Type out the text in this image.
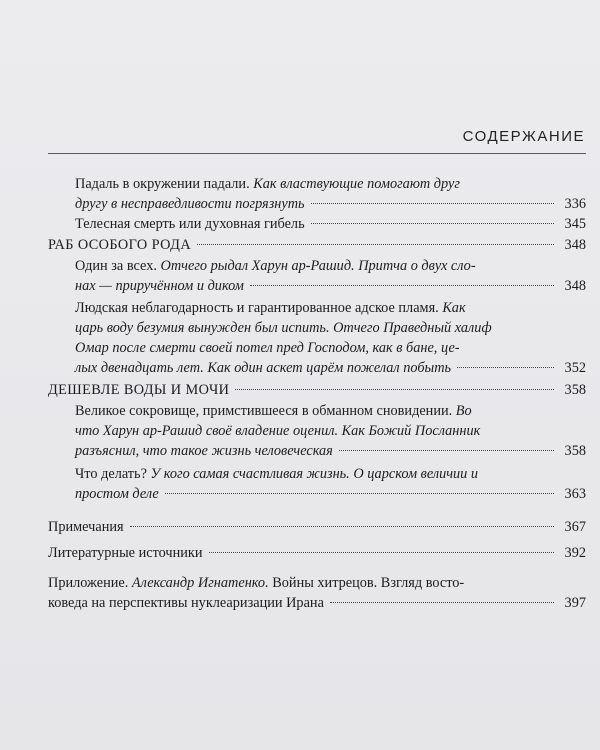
СОДЕРЖАНИЕ
Падаль в окружении падали. Как властвующие помогают друг
другу в несправедливости погрязнуть	336
Телесная смерть или духовная гибель	345
РАБ ОСОБОГО РОДА	348
Один за всех. Отчего рыдал Харун ар-Рашид. Притча о двух сло-
нах — приручённом и диком	348
Людская неблагодарность и гарантированное адское пламя. Как
царь воду безумия вынужден был испить. Отчего Праведный халиф
Омар после смерти своей потел пред Господом, как в бане, це-
лых двенадцать лет. Как один аскет царём пожелал побыть	352
ДЕШЕВЛЕ ВОДЫ И МОЧИ	358
Великое сокровище, примстившееся в обманном сновидении. Во
что Харун ар-Рашид своё владение оценил. Как Божий Посланник
разъяснил, что такое жизнь человеческая	358
Что делать? У кого самая счастливая жизнь. О царском величии и
простом деле	363
Примечания	367
Литературные источники	392
Приложение. Александр Игнатенко. Войны хитрецов. Взгляд восто-
коведа на перспективы нуклеаризации Ирана	397
